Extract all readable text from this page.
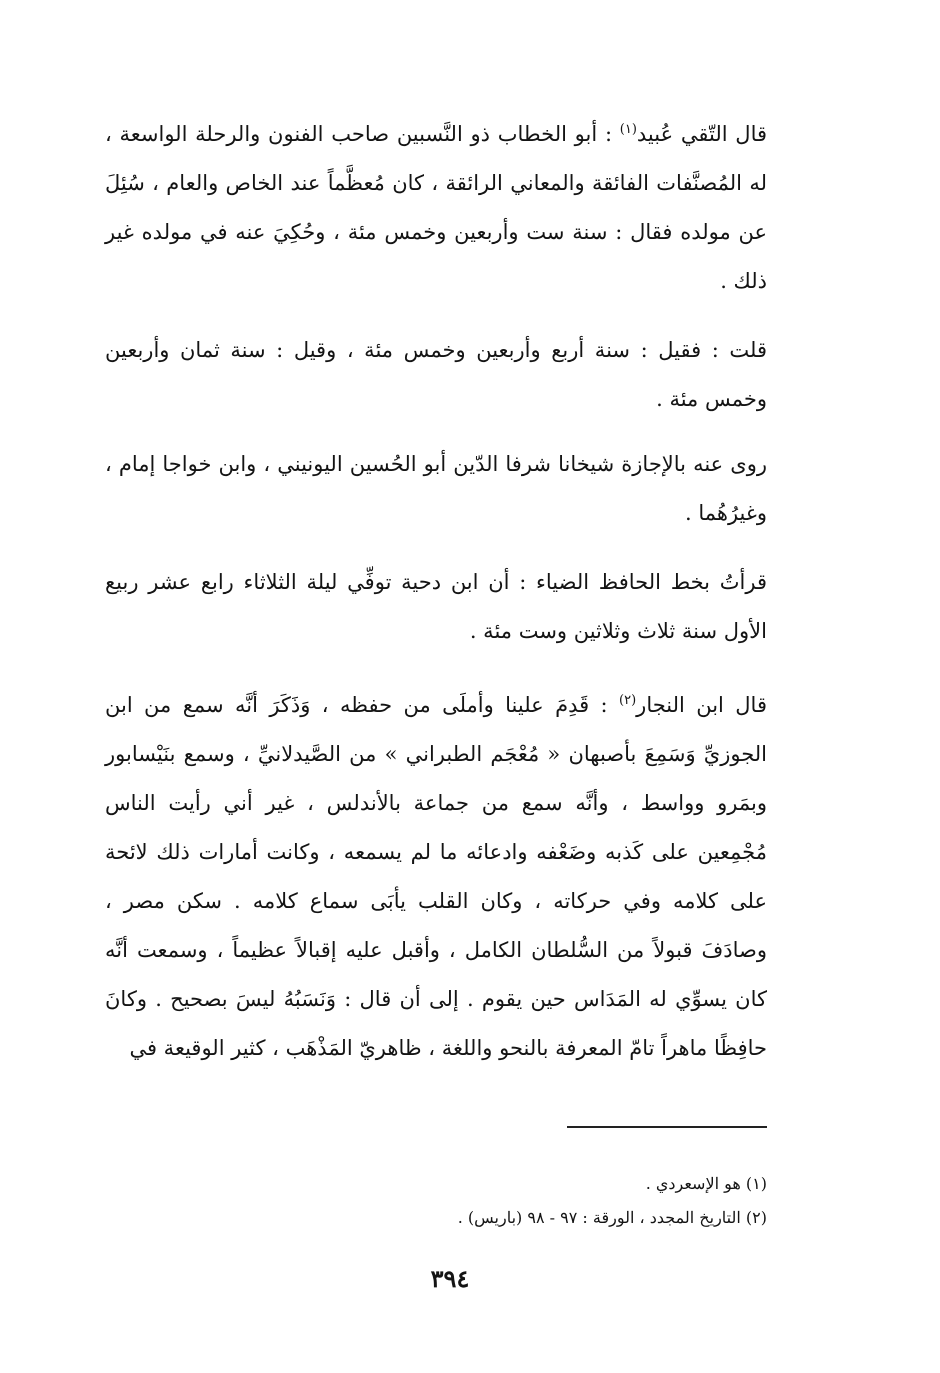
قال التّقي عُبيد$^{(١)}$ : أبو الخطاب ذو النَّسبين صاحب الفنون والرحلة الواسعة ، له المُصنَّفات الفائقة والمعاني الرائقة ، كان مُعظَّماً عند الخاص والعام ، سُئِلَ عن مولده فقال : سنة ست وأربعين وخمس مئة ، وحُكِيَ عنه في مولده غير ذلك .

قلت : فقيل : سنة أربع وأربعين وخمس مئة ، وقيل : سنة ثمان وأربعين وخمس مئة .

روى عنه بالإجازة شيخانا شرفا الدّين أبو الحُسين اليونيني ، وابن خواجا إمام ، وغيرُهُما .

قرأتُ بخط الحافظ الضياء : أن ابن دحية توفِّي ليلة الثلاثاء رابع عشر ربيع الأول سنة ثلاث وثلاثين وست مئة .

قال ابن النجار$^{(٢)}$ : قَدِمَ علينا وأملَى من حفظه ، وَذَكَرَ أنَّه سمع من ابن الجوزيِّ وَسَمِعَ بأصبهان « مُعْجَم الطبراني » من الصَّيدلانيِّ ، وسمع بنَيْسابور وبمَرو وواسط ، وأنَّه سمع من جماعة بالأندلس ، غير أني رأيت الناس مُجْمِعين على كَذبه وضَعْفه وادعائه ما لم يسمعه ، وكانت أمارات ذلك لائحة على كلامه وفي حركاته ، وكان القلب يأبَى سماع كلامه . سكن مصر ، وصادَفَ قبولاً من السُّلطان الكامل ، وأقبل عليه إقبالاً عظيماً ، وسمعت أنَّه كان يسوِّي له المَدَاس حين يقوم . إلى أن قال : وَنَسَبُهُ ليسَ بصحيح . وكانَ حافِظًا ماهراً تامّ المعرفة بالنحو واللغة ، ظاهريّ المَذْهَب ، كثير الوقيعة في

(١) هو الإسعردي .

(٢) التاريخ المجدد ، الورقة : ٩٧ - ٩٨ (باريس) .

٣٩٤
